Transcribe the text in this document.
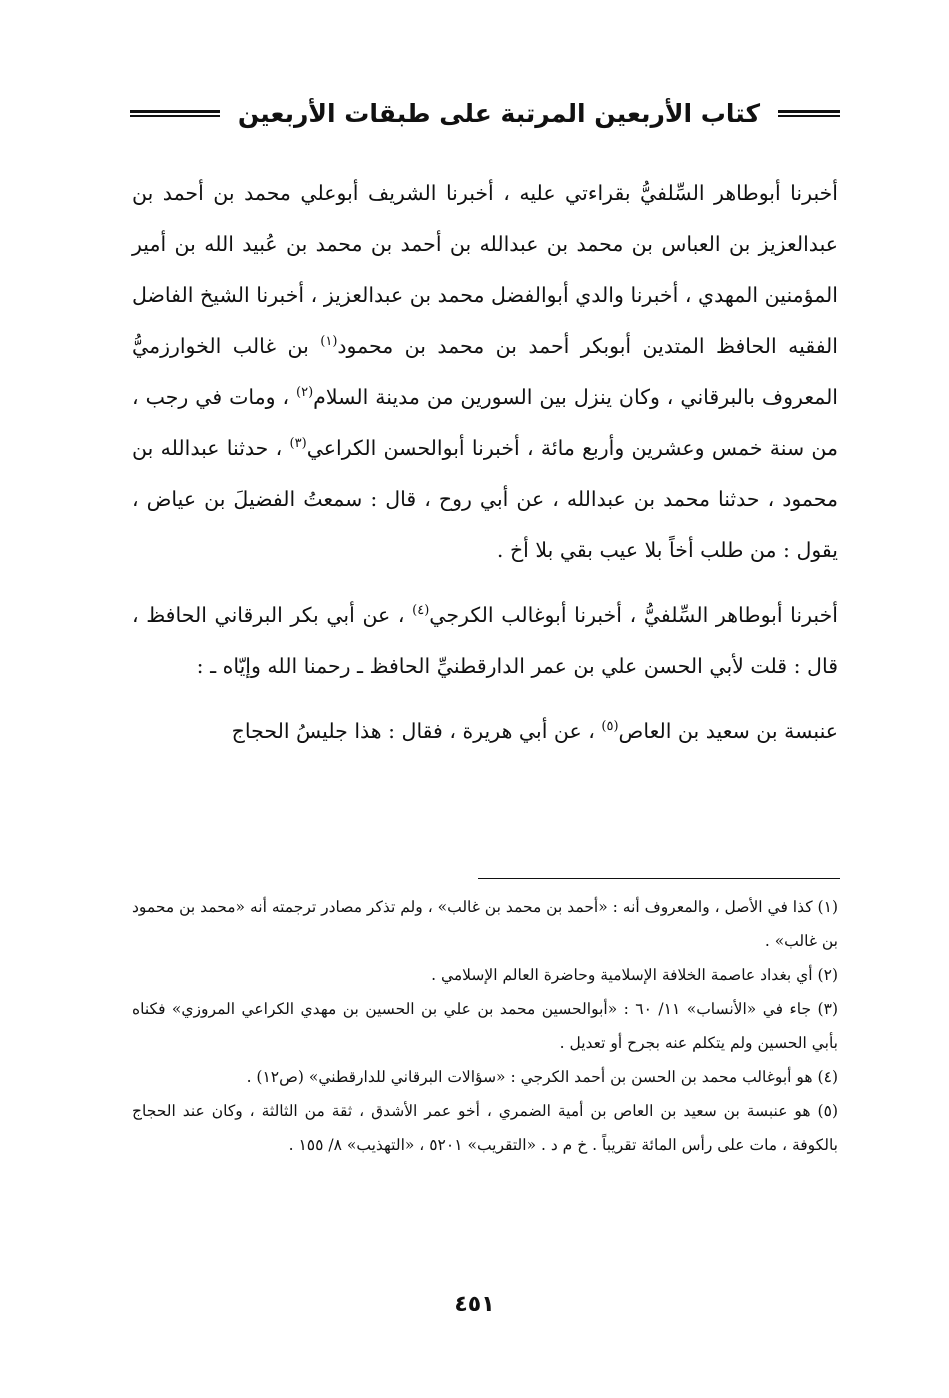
كتاب الأربعين المرتبة على طبقات الأربعين

أخبرنا أبوطاهر السِّلفيُّ بقراءتي عليه ، أخبرنا الشريف أبوعلي محمد بن أحمد بن عبدالعزيز بن العباس بن محمد بن عبدالله بن أحمد بن محمد بن عُبيد الله بن أمير المؤمنين المهدي ، أخبرنا والدي أبوالفضل محمد بن عبدالعزيز ، أخبرنا الشيخ الفاضل الفقيه الحافظ المتدين أبوبكر أحمد بن محمد بن محمود$^{(١)}$ بن غالب الخوارزميُّ المعروف بالبرقاني ، وكان ينزل بين السورين من مدينة السلام$^{(٢)}$ ، ومات في رجب ، من سنة خمس وعشرين وأربع مائة ، أخبرنا أبوالحسن الكراعي$^{(٣)}$ ، حدثنا عبدالله بن محمود ، حدثنا محمد بن عبدالله ، عن أبي روح ، قال : سمعتُ الفضيلَ بن عياض ، يقول : من طلب أخاً بلا عيب بقي بلا أخ .

أخبرنا أبوطاهر السِّلفيُّ ، أخبرنا أبوغالب الكرجي$^{(٤)}$ ، عن أبي بكر البرقاني الحافظ ، قال : قلت لأبي الحسن علي بن عمر الدارقطنيِّ الحافظ ـ رحمنا الله وإيّاه ـ :

عنبسة بن سعيد بن العاص$^{(٥)}$ ، عن أبي هريرة ، فقال : هذا جليسُ الحجاج

(١) كذا في الأصل ، والمعروف أنه : «أحمد بن محمد بن غالب» ، ولم تذكر مصادر ترجمته أنه «محمد بن محمود بن غالب» .

(٢) أي بغداد عاصمة الخلافة الإسلامية وحاضرة العالم الإسلامي .

(٣) جاء في «الأنساب» ١١/ ٦٠ : «أبوالحسين محمد بن علي بن الحسين بن مهدي الكراعي المروزي» فكناه بأبي الحسين ولم يتكلم عنه بجرح أو تعديل .

(٤) هو أبوغالب محمد بن الحسن بن أحمد الكرجي : «سؤالات البرقاني للدارقطني» (ص١٢) .

(٥) هو عنبسة بن سعيد بن العاص بن أمية الضمري ، أخو عمر الأشدق ، ثقة من الثالثة ، وكان عند الحجاج بالكوفة ، مات على رأس المائة تقريباً . خ م د . «التقريب» ٥٢٠١ ، «التهذيب» ٨/ ١٥٥ .

٤٥١
